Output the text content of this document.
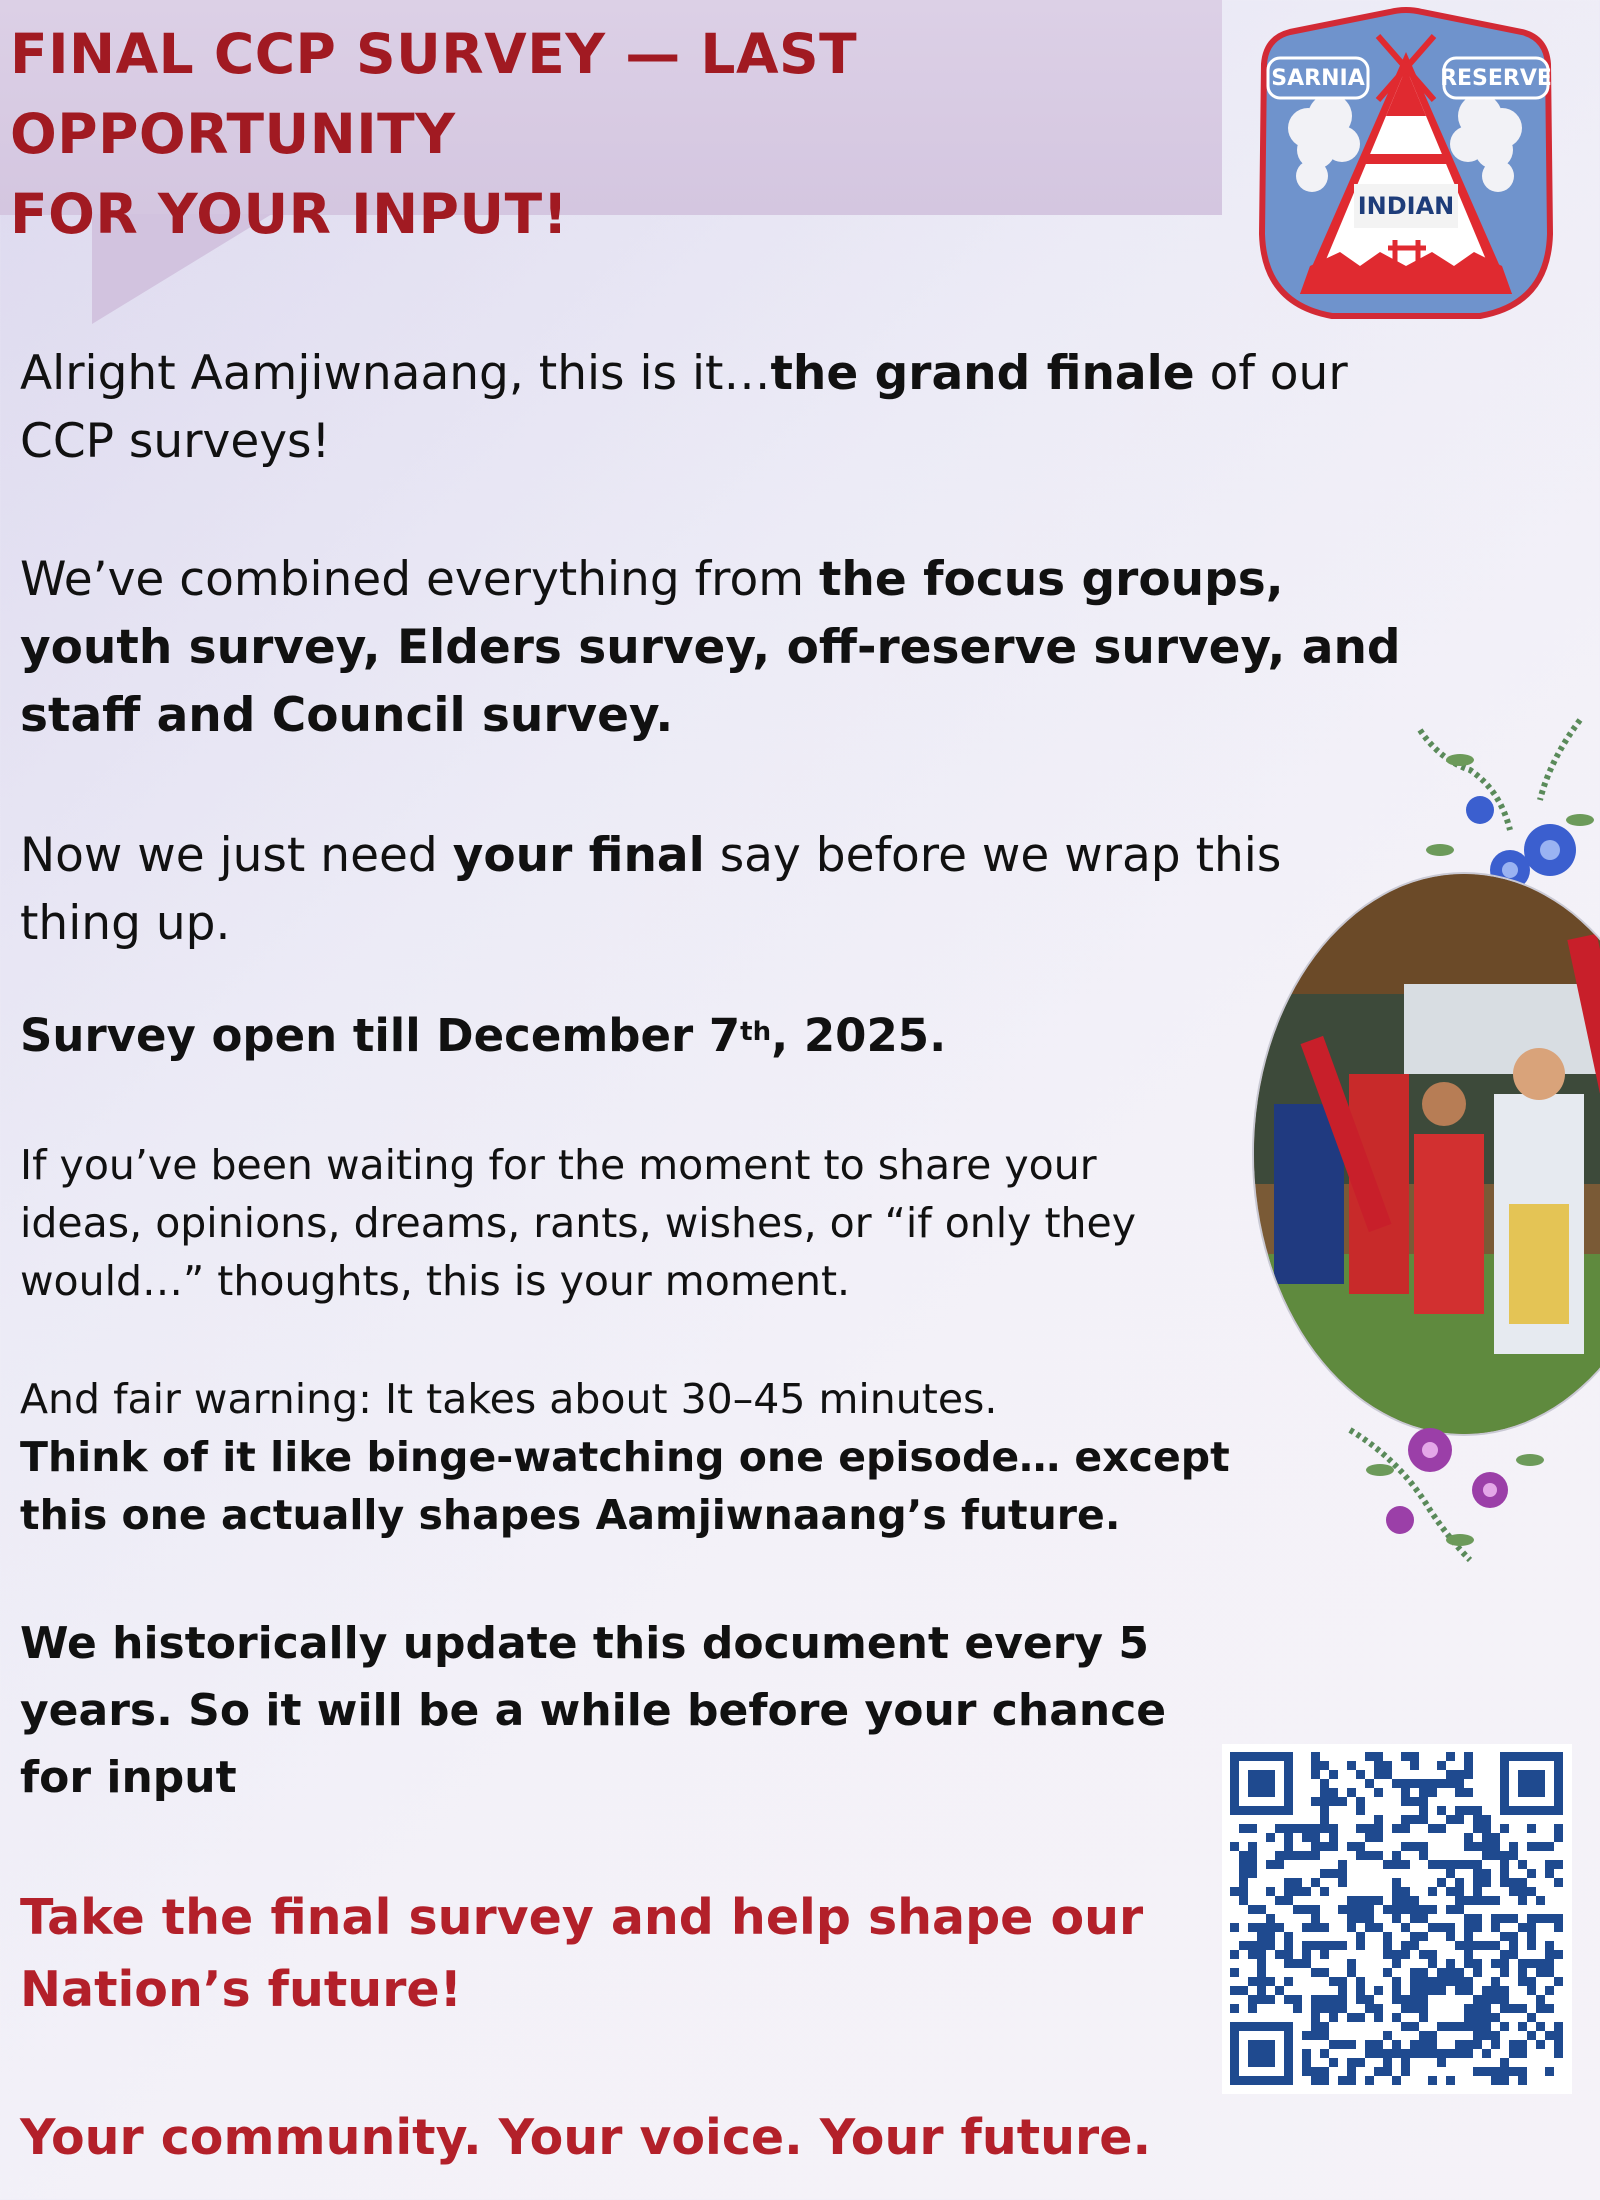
FINAL CCP SURVEY — LAST OPPORTUNITY
FOR YOUR INPUT!
SARNIA	RESERVE
INDIAN

Alright Aamjiwnaang, this is it…the grand finale of our
CCP surveys!

We’ve combined everything from the focus groups,
youth survey, Elders survey, off-reserve survey, and
staff and Council survey.

Now we just need your final say before we wrap this
thing up.

Survey open till December 7th, 2025.

If you’ve been waiting for the moment to share your
ideas, opinions, dreams, rants, wishes, or “if only they
would…” thoughts, this is your moment.

And fair warning: It takes about 30–45 minutes.
Think of it like binge-watching one episode… except
this one actually shapes Aamjiwnaang’s future.

We historically update this document every 5
years. So it will be a while before your chance
for input

Take the final survey and help shape our
Nation’s future!

Your community. Your voice. Your future.
